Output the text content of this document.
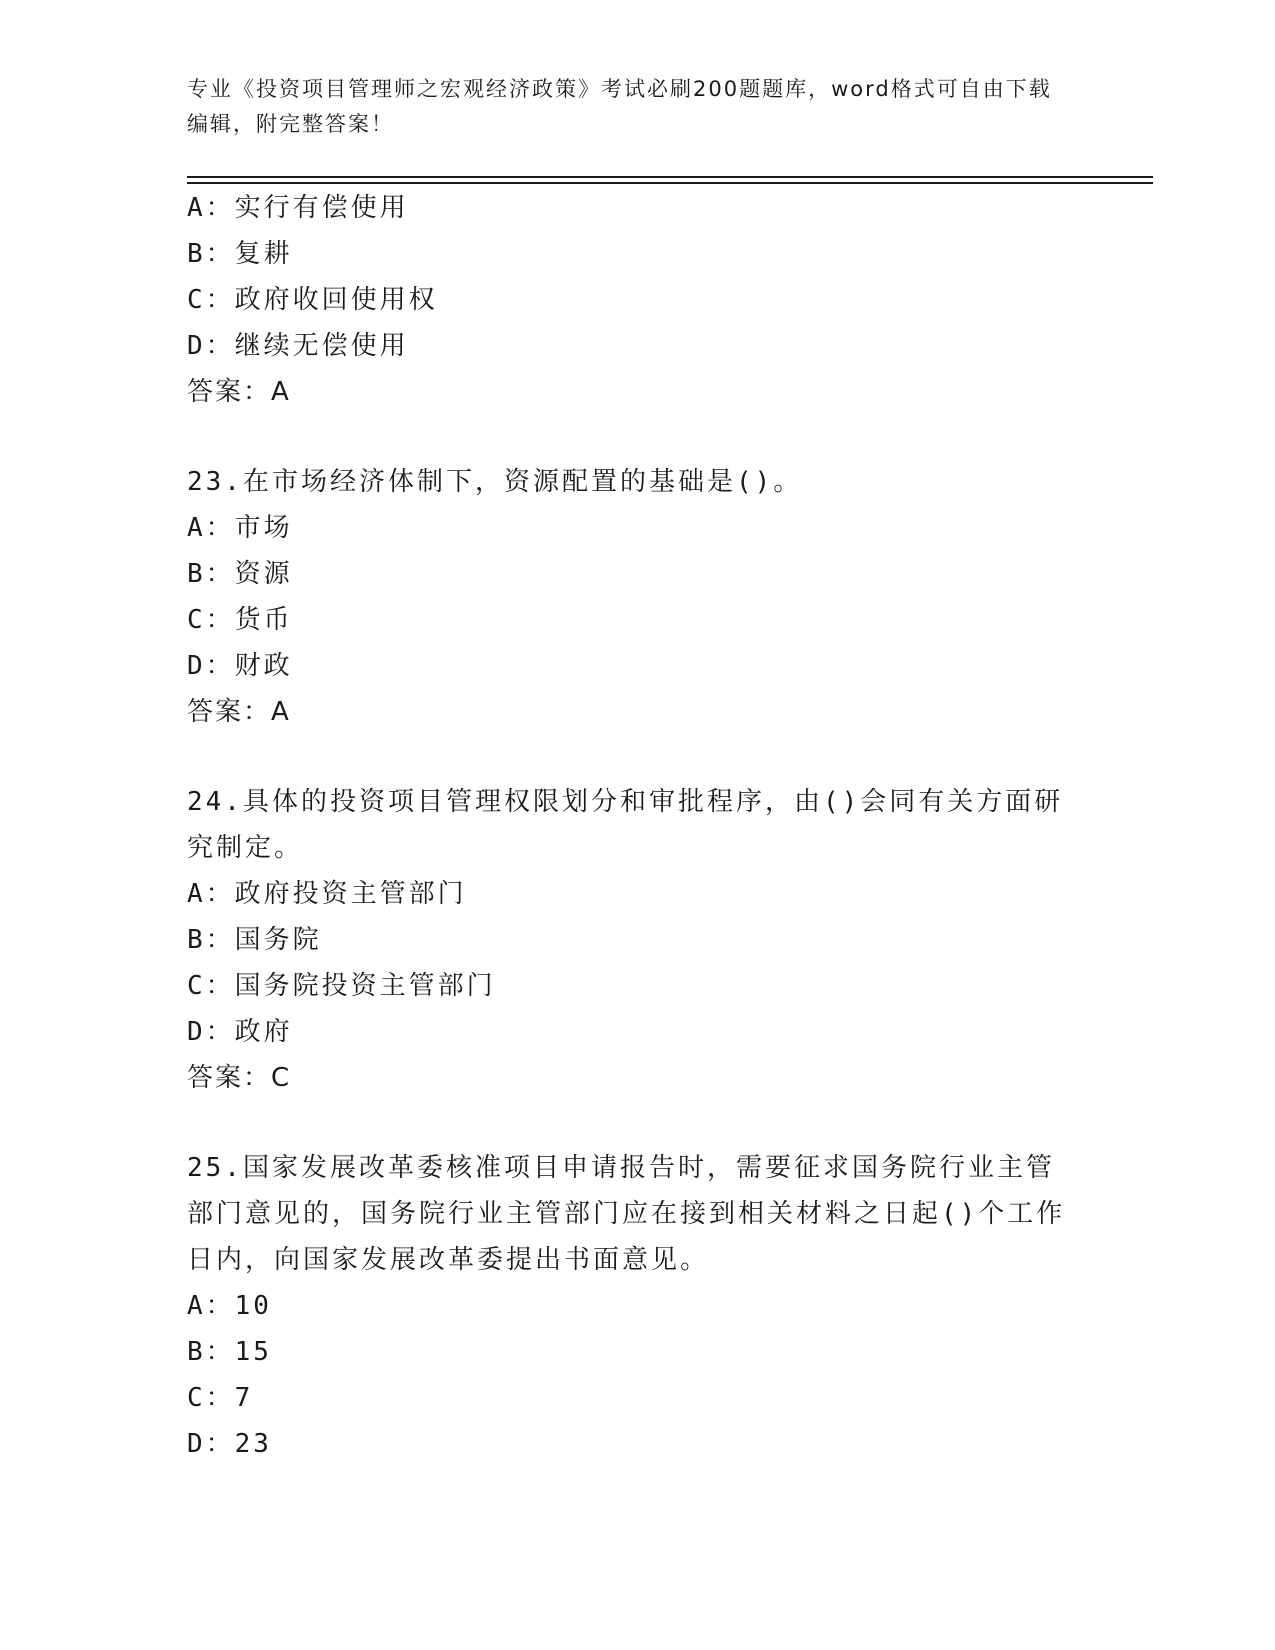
专业《投资项目管理师之宏观经济政策》考试必刷200题题库，word格式可自由下载编辑，附完整答案！
A：实行有偿使用
B：复耕
C：政府收回使用权
D：继续无偿使用
答案：A
23.在市场经济体制下，资源配置的基础是()。
A：市场
B：资源
C：货币
D：财政
答案：A
24.具体的投资项目管理权限划分和审批程序，由()会同有关方面研究制定。
A：政府投资主管部门
B：国务院
C：国务院投资主管部门
D：政府
答案：C
25.国家发展改革委核准项目申请报告时，需要征求国务院行业主管部门意见的，国务院行业主管部门应在接到相关材料之日起()个工作日内，向国家发展改革委提出书面意见。
A：10
B：15
C：7
D：23
